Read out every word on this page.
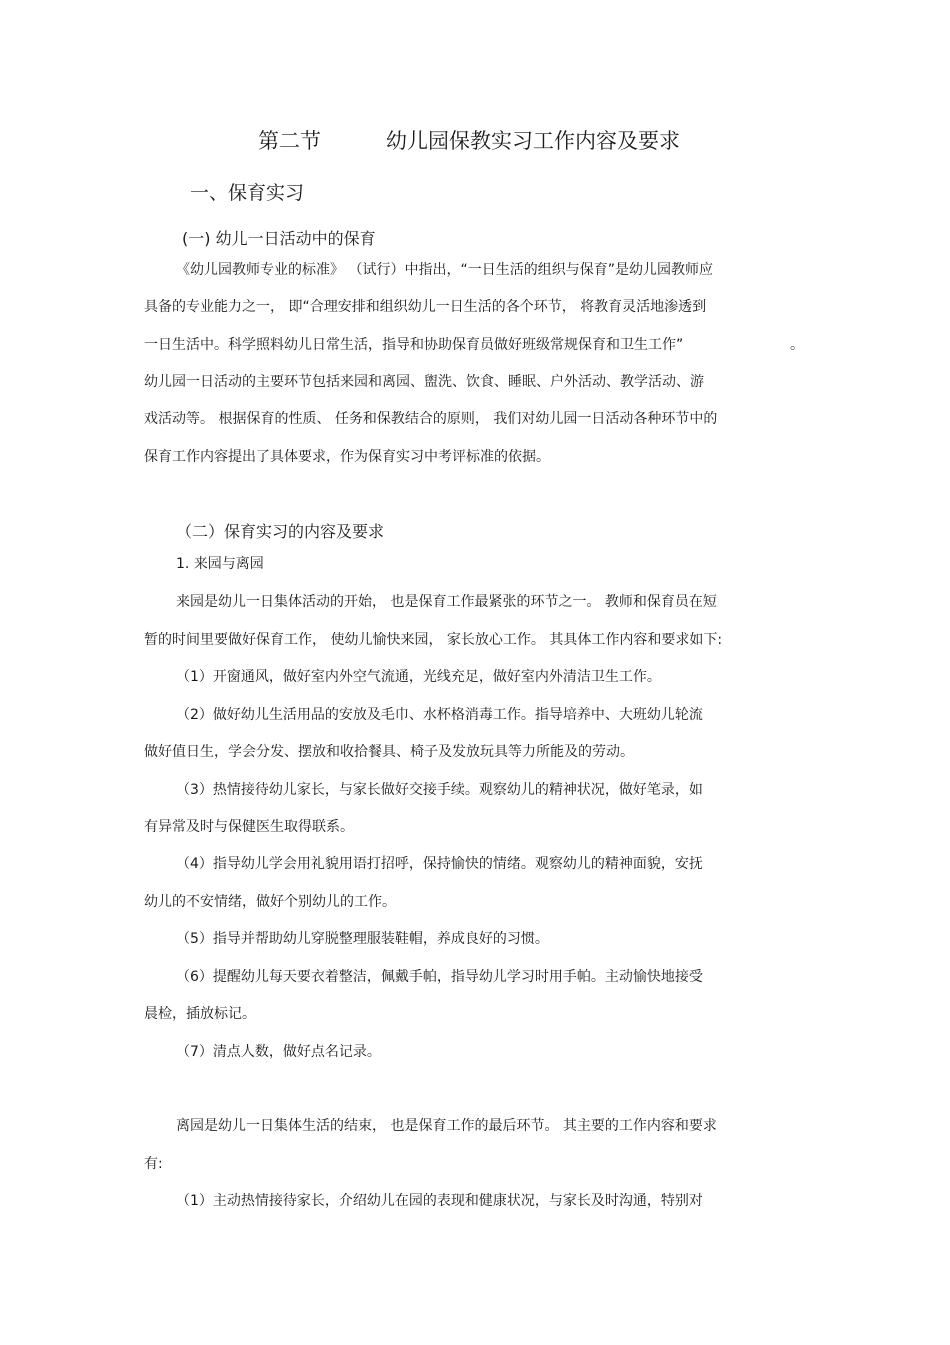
第二节	幼儿园保教实习工作内容及要求
一、保育实习
(一) 幼儿一日活动中的保育
《幼儿园教师专业的标准》 （试行）中指出，“一日生活的组织与保育”是幼儿园教师应
具备的专业能力之一， 即“合理安排和组织幼儿一日生活的各个环节， 将教育灵活地渗透到
一日生活中。科学照料幼儿日常生活，指导和协助保育员做好班级常规保育和卫生工作”	。
幼儿园一日活动的主要环节包括来园和离园、盥洗、饮食、睡眠、户外活动、教学活动、游
戏活动等。 根据保育的性质、 任务和保教结合的原则， 我们对幼儿园一日活动各种环节中的
保育工作内容提出了具体要求，作为保育实习中考评标准的依据。
（二）保育实习的内容及要求
1. 来园与离园
来园是幼儿一日集体活动的开始， 也是保育工作最紧张的环节之一。 教师和保育员在短
暂的时间里要做好保育工作， 使幼儿愉快来园， 家长放心工作。 其具体工作内容和要求如下:
（1）开窗通风，做好室内外空气流通，光线充足，做好室内外清洁卫生工作。
（2）做好幼儿生活用品的安放及毛巾、水杯格消毒工作。指导培养中、大班幼儿轮流
做好值日生，学会分发、摆放和收拾餐具、椅子及发放玩具等力所能及的劳动。
（3）热情接待幼儿家长，与家长做好交接手续。观察幼儿的精神状况，做好笔录，如
有异常及时与保健医生取得联系。
（4）指导幼儿学会用礼貌用语打招呼，保持愉快的情绪。观察幼儿的精神面貌，安抚
幼儿的不安情绪，做好个别幼儿的工作。
（5）指导并帮助幼儿穿脱整理服装鞋帽，养成良好的习惯。
（6）提醒幼儿每天要衣着整洁，佩戴手帕，指导幼儿学习时用手帕。主动愉快地接受
晨检，插放标记。
（7）清点人数，做好点名记录。
离园是幼儿一日集体生活的结束， 也是保育工作的最后环节。 其主要的工作内容和要求
有:
（1）主动热情接待家长，介绍幼儿在园的表现和健康状况，与家长及时沟通，特别对
